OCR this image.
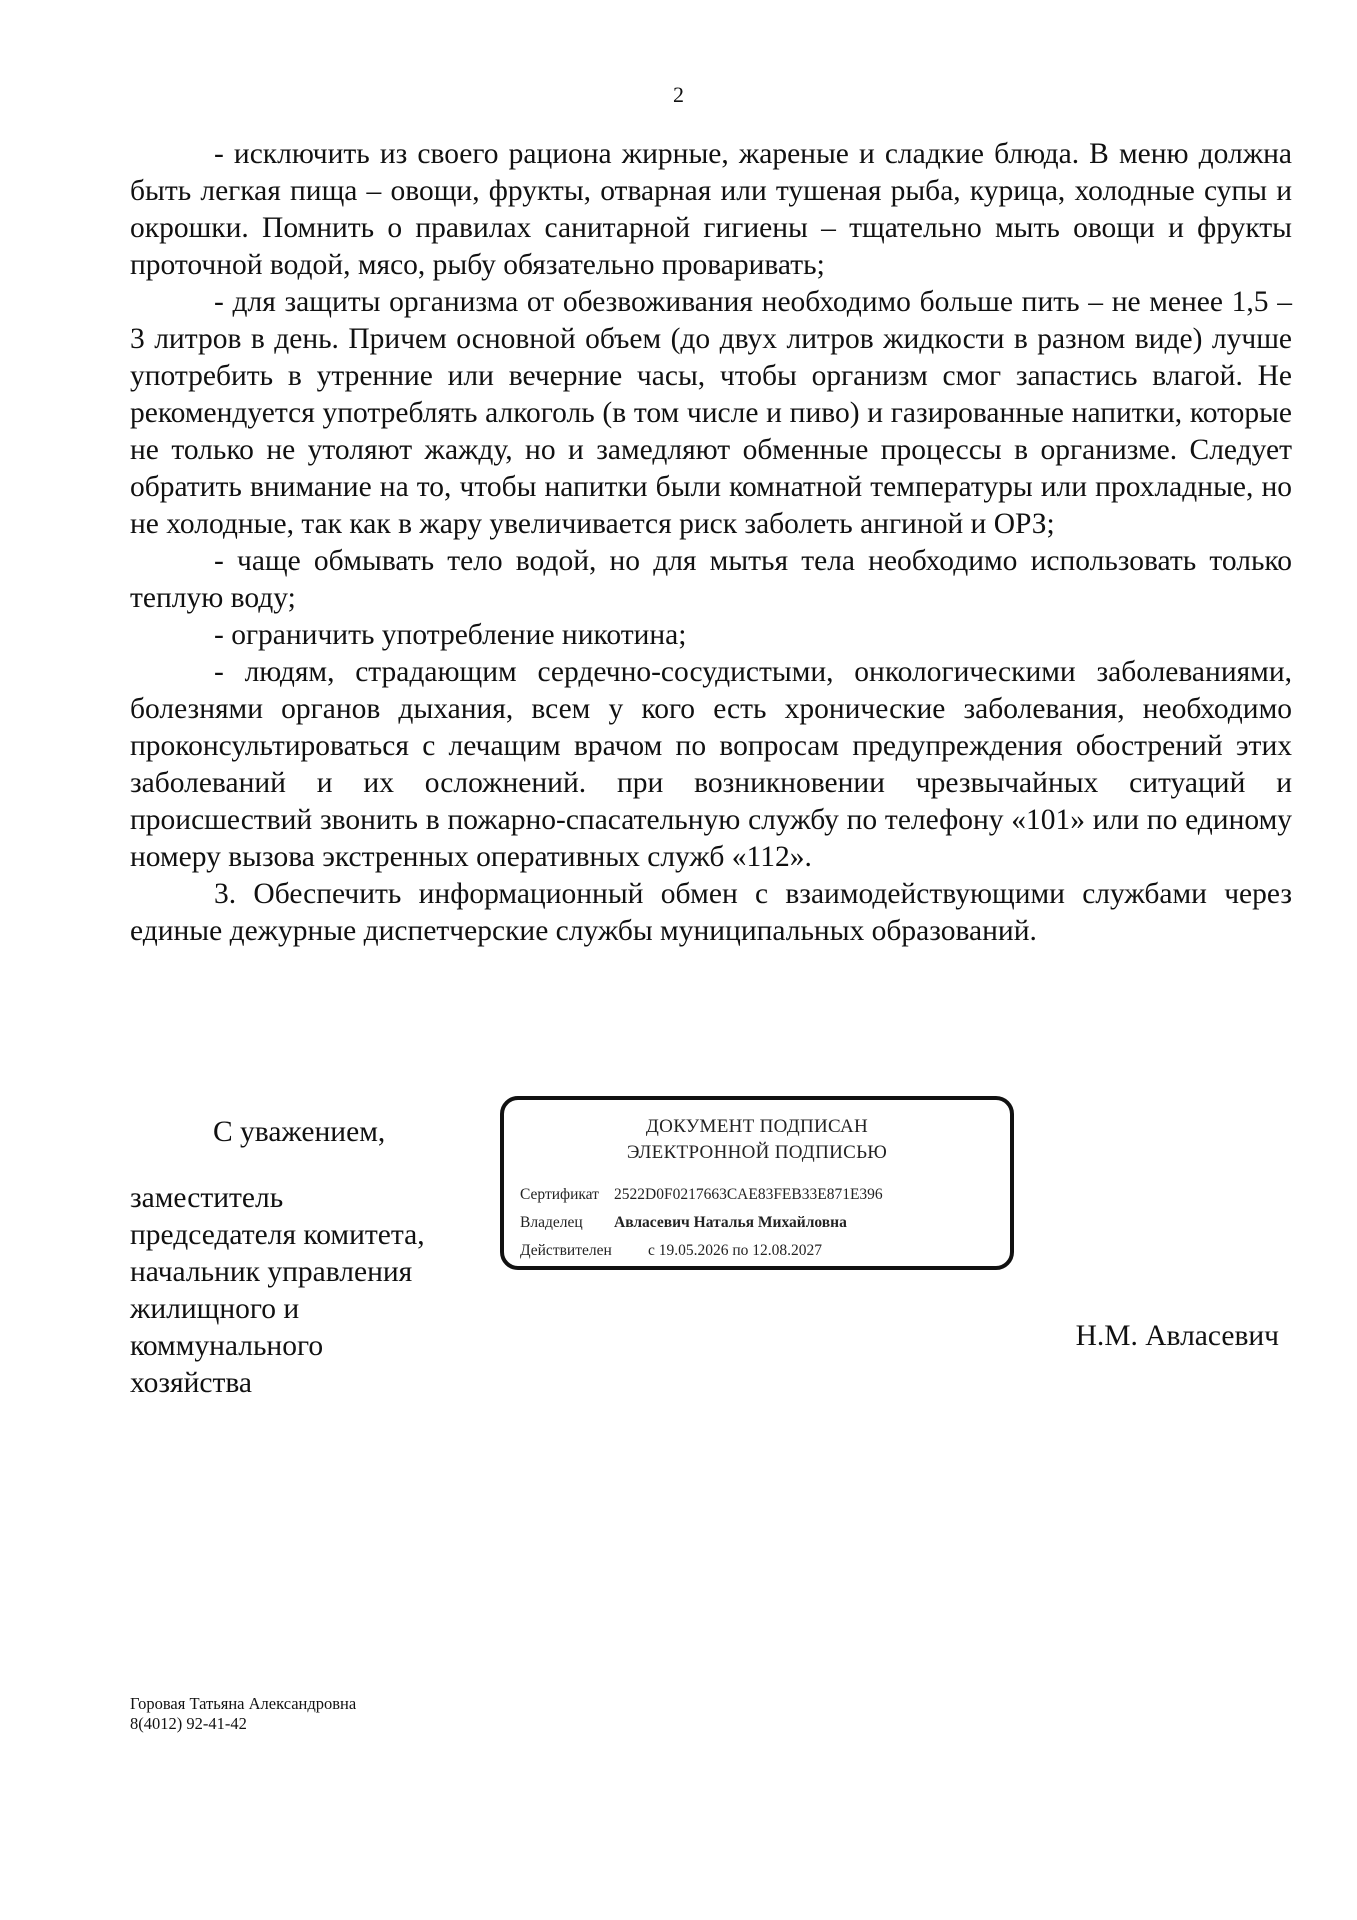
2

- исключить из своего рациона жирные, жареные и сладкие блюда. В меню должна быть легкая пища – овощи, фрукты, отварная или тушеная рыба, курица, холодные супы и окрошки. Помнить о правилах санитарной гигиены – тщательно мыть овощи и фрукты проточной водой, мясо, рыбу обязательно проваривать;

- для защиты организма от обезвоживания необходимо больше пить – не менее 1,5 – 3 литров в день. Причем основной объем (до двух литров жидкости в разном виде) лучше употребить в утренние или вечерние часы, чтобы организм смог запастись влагой. Не рекомендуется употреблять алкоголь (в том числе и пиво) и газированные напитки, которые не только не утоляют жажду, но и замедляют обменные процессы в организме. Следует обратить внимание на то, чтобы напитки были комнатной температуры или прохладные, но не холодные, так как в жару увеличивается риск заболеть ангиной и ОРЗ;

- чаще обмывать тело водой, но для мытья тела необходимо использовать только теплую воду;

- ограничить употребление никотина;

- людям, страдающим сердечно-сосудистыми, онкологическими заболеваниями, болезнями органов дыхания, всем у кого есть хронические заболевания, необходимо проконсультироваться с лечащим врачом по вопросам предупреждения обострений этих заболеваний и их осложнений. при возникновении чрезвычайных ситуаций и происшествий звонить в пожарно-спасательную службу по телефону «101» или по единому номеру вызова экстренных оперативных служб «112».

3. Обеспечить информационный обмен с взаимодействующими службами через единые дежурные диспетчерские службы муниципальных образований.

С уважением,
заместитель
председателя комитета,
начальник управления
жилищного и
коммунального
хозяйства
ДОКУМЕНТ ПОДПИСАН
ЭЛЕКТРОННОЙ ПОДПИСЬЮ
Сертификат 2522D0F0217663CAE83FEB33E871E396
Владелец Авласевич Наталья Михайловна
Действителен с 19.05.2026 по 12.08.2027
Н.М. Авласевич
Горовая Татьяна Александровна
8(4012) 92-41-42
